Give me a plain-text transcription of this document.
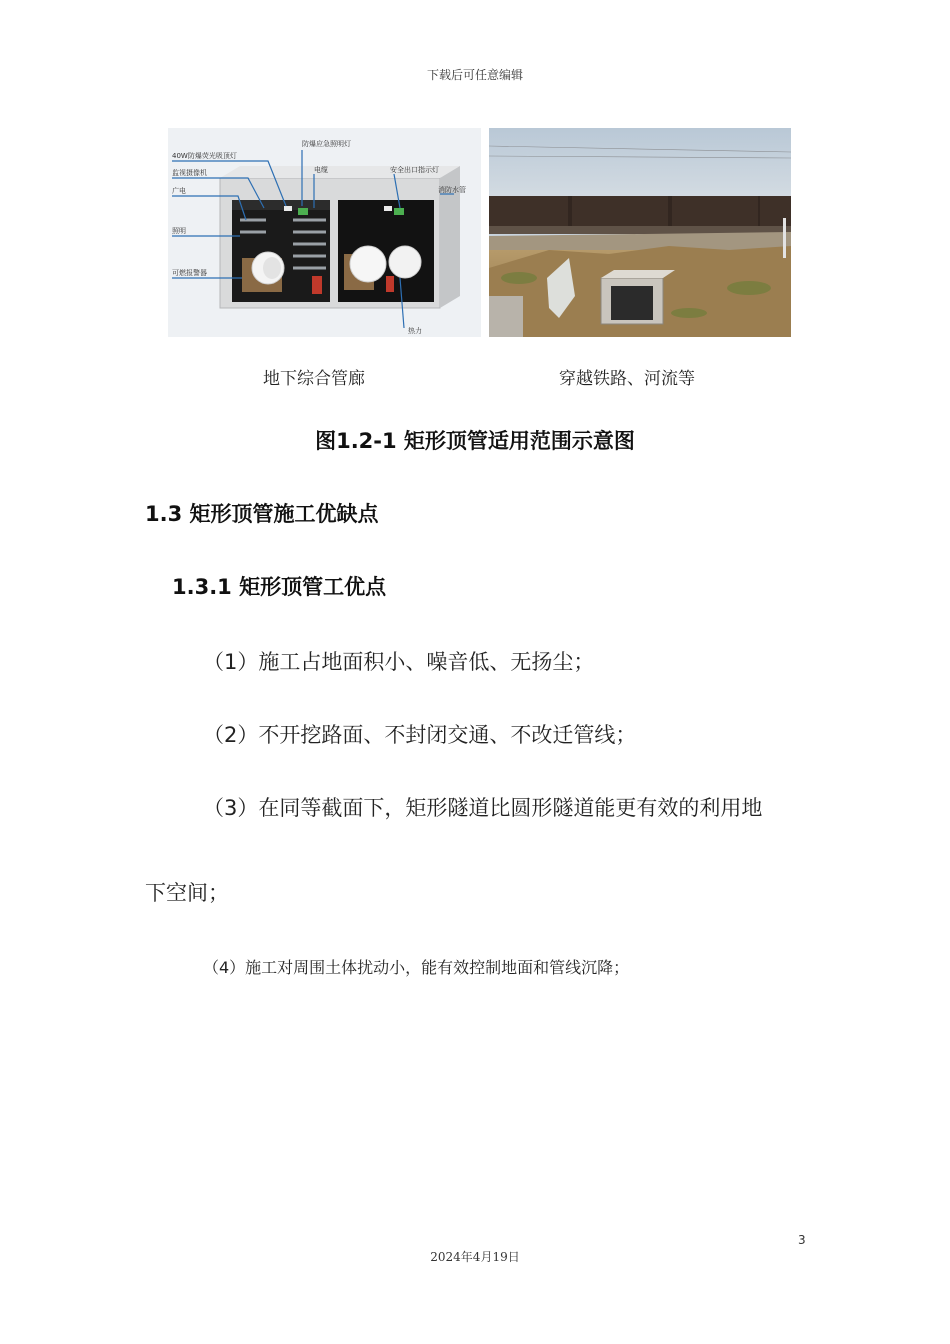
下载后可任意编辑
40W防爆荧光吸顶灯
监视摄像机
广电
照明
可燃报警器
防爆应急照明灯
电缆	安全出口指示灯
消防水管
热力
地下综合管廊	穿越铁路、河流等
图1.2-1 矩形顶管适用范围示意图
1.3 矩形顶管施工优缺点
1.3.1 矩形顶管工优点
（1）施工占地面积小、噪音低、无扬尘；
（2）不开挖路面、不封闭交通、不改迁管线；
（3）在同等截面下，矩形隧道比圆形隧道能更有效的利用地
下空间；
（4）施工对周围土体扰动小，能有效控制地面和管线沉降；
3
2024年4月19日
